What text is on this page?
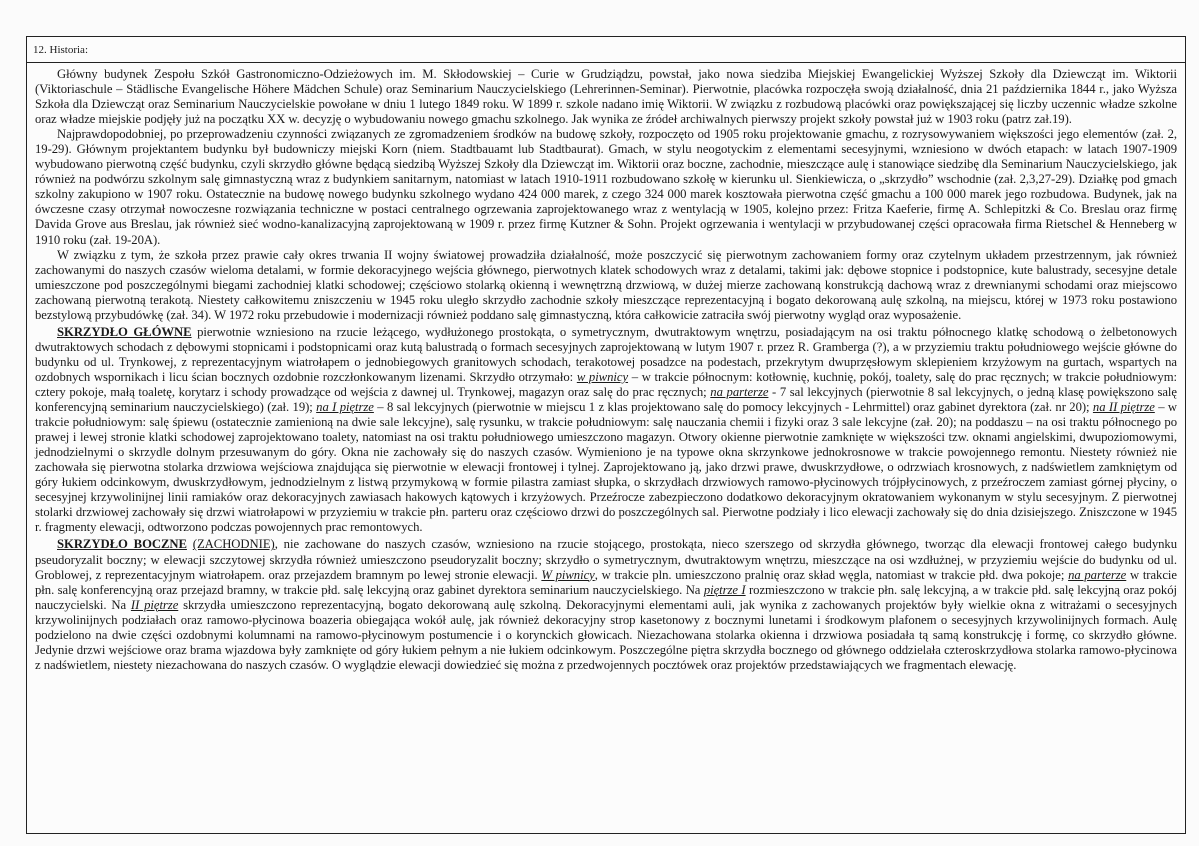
12. Historia:

Główny budynek Zespołu Szkół Gastronomiczno-Odzieżowych im. M. Skłodowskiej – Curie w Grudziądzu, powstał, jako nowa siedziba Miejskiej Ewangelickiej Wyższej Szkoły dla Dziewcząt im. Wiktorii (Viktoriaschule – Städlische Evangelische Höhere Mädchen Schule) oraz Seminarium Nauczycielskiego (Lehrerinnen-Seminar). Pierwotnie, placówka rozpoczęła swoją działalność, dnia 21 października 1844 r., jako Wyższa Szkoła dla Dziewcząt oraz Seminarium Nauczycielskie powołane w dniu 1 lutego 1849 roku. W 1899 r. szkole nadano imię Wiktorii. W związku z rozbudową placówki oraz powiększającej się liczby uczennic władze szkolne oraz władze miejskie podjęły już na początku XX w. decyzję o wybudowaniu nowego gmachu szkolnego. Jak wynika ze źródeł archiwalnych pierwszy projekt szkoły powstał już w 1903 roku (patrz zał.19).

Najprawdopodobniej, po przeprowadzeniu czynności związanych ze zgromadzeniem środków na budowę szkoły, rozpoczęto od 1905 roku projektowanie gmachu, z rozrysowywaniem większości jego elementów (zał. 2, 19-29). Głównym projektantem budynku był budowniczy miejski Korn (niem. Stadtbauamt lub Stadtbaurat). Gmach, w stylu neogotyckim z elementami secesyjnymi, wzniesiono w dwóch etapach: w latach 1907-1909 wybudowano pierwotną część budynku, czyli skrzydło główne będącą siedzibą Wyższej Szkoły dla Dziewcząt im. Wiktorii oraz boczne, zachodnie, mieszczące aulę i stanowiące siedzibę dla Seminarium Nauczycielskiego, jak również na podwórzu szkolnym salę gimnastyczną wraz z budynkiem sanitarnym, natomiast w latach 1910-1911 rozbudowano szkołę w kierunku ul. Sienkiewicza, o „skrzydło” wschodnie (zał. 2,3,27-29). Działkę pod gmach szkolny zakupiono w 1907 roku. Ostatecznie na budowę nowego budynku szkolnego wydano 424 000 marek, z czego 324 000 marek kosztowała pierwotna część gmachu a 100 000 marek jego rozbudowa. Budynek, jak na ówczesne czasy otrzymał nowoczesne rozwiązania techniczne w postaci centralnego ogrzewania zaprojektowanego wraz z wentylacją w 1905, kolejno przez: Fritza Kaeferie, firmę A. Schlepitzki & Co. Breslau oraz firmę Davida Grove aus Breslau, jak również sieć wodno-kanalizacyjną zaprojektowaną w 1909 r. przez firmę Kutzner & Sohn. Projekt ogrzewania i wentylacji w przybudowanej części opracowała firma Rietschel & Henneberg w 1910 roku (zał. 19-20A).

W związku z tym, że szkoła przez prawie cały okres trwania II wojny światowej prowadziła działalność, może poszczycić się pierwotnym zachowaniem formy oraz czytelnym układem przestrzennym, jak również zachowanymi do naszych czasów wieloma detalami, w formie dekoracyjnego wejścia głównego, pierwotnych klatek schodowych wraz z detalami, takimi jak: dębowe stopnice i podstopnice, kute balustrady, secesyjne detale umieszczone pod poszczególnymi biegami zachodniej klatki schodowej; częściowo stolarką okienną i wewnętrzną drzwiową, w dużej mierze zachowaną konstrukcją dachową wraz z drewnianymi schodami oraz miejscowo zachowaną pierwotną terakotą. Niestety całkowitemu zniszczeniu w 1945 roku uległo skrzydło zachodnie szkoły mieszczące reprezentacyjną i bogato dekorowaną aulę szkolną, na miejscu, której w 1973 roku postawiono bezstylową przybudówkę (zał. 34). W 1972 roku przebudowie i modernizacji również poddano salę gimnastyczną, która całkowicie zatraciła swój pierwotny wygląd oraz wyposażenie.

SKRZYDŁO GŁÓWNE pierwotnie wzniesiono na rzucie leżącego, wydłużonego prostokąta, o symetrycznym, dwutraktowym wnętrzu, posiadającym na osi traktu północnego klatkę schodową o żelbetonowych dwutraktowych schodach z dębowymi stopnicami i podstopnicami oraz kutą balustradą o formach secesyjnych zaprojektowaną w lutym 1907 r. przez R. Gramberga (?), a w przyziemiu traktu południowego wejście główne do budynku od ul. Trynkowej, z reprezentacyjnym wiatrołapem o jednobiegowych granitowych schodach, terakotowej posadzce na podestach, przekrytym dwuprzęsłowym sklepieniem krzyżowym na gurtach, wspartych na ozdobnych wspornikach i licu ścian bocznych ozdobnie rozczłonkowanym lizenami. Skrzydło otrzymało: w piwnicy – w trakcie północnym: kotłownię, kuchnię, pokój, toalety, salę do prac ręcznych; w trakcie południowym: cztery pokoje, małą toaletę, korytarz i schody prowadzące od wejścia z dawnej ul. Trynkowej, magazyn oraz salę do prac ręcznych; na parterze - 7 sal lekcyjnych (pierwotnie 8 sal lekcyjnych, o jedną klasę powiększono salę konferencyjną seminarium nauczycielskiego) (zał. 19); na I piętrze – 8 sal lekcyjnych (pierwotnie w miejscu 1 z klas projektowano salę do pomocy lekcyjnych - Lehrmittel) oraz gabinet dyrektora (zał. nr 20); na II piętrze – w trakcie południowym: salę śpiewu (ostatecznie zamienioną na dwie sale lekcyjne), salę rysunku, w trakcie południowym: salę nauczania chemii i fizyki oraz 3 sale lekcyjne (zał. 20); na poddaszu – na osi traktu północnego po prawej i lewej stronie klatki schodowej zaprojektowano toalety, natomiast na osi traktu południowego umieszczono magazyn. Otwory okienne pierwotnie zamknięte w większości tzw. oknami angielskimi, dwupoziomowymi, jednodzielnymi o skrzydle dolnym przesuwanym do góry. Okna nie zachowały się do naszych czasów. Wymieniono je na typowe okna skrzynkowe jednokrosnowe w trakcie powojennego remontu. Niestety również nie zachowała się pierwotna stolarka drzwiowa wejściowa znajdująca się pierwotnie w elewacji frontowej i tylnej. Zaprojektowano ją, jako drzwi prawe, dwuskrzydłowe, o odrzwiach krosnowych, z nadświetlem zamkniętym od góry łukiem odcinkowym, dwuskrzydłowym, jednodzielnym z listwą przymykową w formie pilastra zamiast słupka, o skrzydłach drzwiowych ramowo-płycinowych trójpłycinowych, z przeźroczem zamiast górnej płyciny, o secesyjnej krzywolinijnej linii ramiaków oraz dekoracyjnych zawiasach hakowych kątowych i krzyżowych. Przeźrocze zabezpieczono dodatkowo dekoracyjnym okratowaniem wykonanym w stylu secesyjnym. Z pierwotnej stolarki drzwiowej zachowały się drzwi wiatrołapowi w przyziemiu w trakcie płn. parteru oraz częściowo drzwi do poszczególnych sal. Pierwotne podziały i lico elewacji zachowały się do dnia dzisiejszego. Zniszczone w 1945 r. fragmenty elewacji, odtworzono podczas powojennych prac remontowych.

SKRZYDŁO BOCZNE (ZACHODNIE), nie zachowane do naszych czasów, wzniesiono na rzucie stojącego, prostokąta, nieco szerszego od skrzydła głównego, tworząc dla elewacji frontowej całego budynku pseudoryzalit boczny; w elewacji szczytowej skrzydła również umieszczono pseudoryzalit boczny; skrzydło o symetrycznym, dwutraktowym wnętrzu, mieszczące na osi wzdłużnej, w przyziemiu wejście do budynku od ul. Groblowej, z reprezentacyjnym wiatrołapem. oraz przejazdem bramnym po lewej stronie elewacji. W piwnicy, w trakcie pln. umieszczono pralnię oraz skład węgla, natomiast w trakcie płd. dwa pokoje; na parterze w trakcie płn. salę konferencyjną oraz przejazd bramny, w trakcie płd. salę lekcyjną oraz gabinet dyrektora seminarium nauczycielskiego. Na piętrze I rozmieszczono w trakcie płn. salę lekcyjną, a w trakcie płd. salę lekcyjną oraz pokój nauczycielski. Na II piętrze skrzydła umieszczono reprezentacyjną, bogato dekorowaną aulę szkolną. Dekoracyjnymi elementami auli, jak wynika z zachowanych projektów były wielkie okna z witrażami o secesyjnych krzywolinijnych podziałach oraz ramowo-płycinowa boazeria obiegająca wokół aulę, jak również dekoracyjny strop kasetonowy z bocznymi lunetami i środkowym plafonem o secesyjnych krzywolinijnych formach. Aulę podzielono na dwie części ozdobnymi kolumnami na ramowo-płycinowym postumencie i o korynckich głowicach. Niezachowana stolarka okienna i drzwiowa posiadała tą samą konstrukcję i formę, co skrzydło główne. Jedynie drzwi wejściowe oraz brama wjazdowa były zamknięte od góry łukiem pełnym a nie łukiem odcinkowym. Poszczególne piętra skrzydła bocznego od głównego oddzielała czteroskrzydłowa stolarka ramowo-płycinowa z nadświetlem, niestety niezachowana do naszych czasów. O wyglądzie elewacji dowiedzieć się można z przedwojennych pocztówek oraz projektów przedstawiających we fragmentach elewację.
